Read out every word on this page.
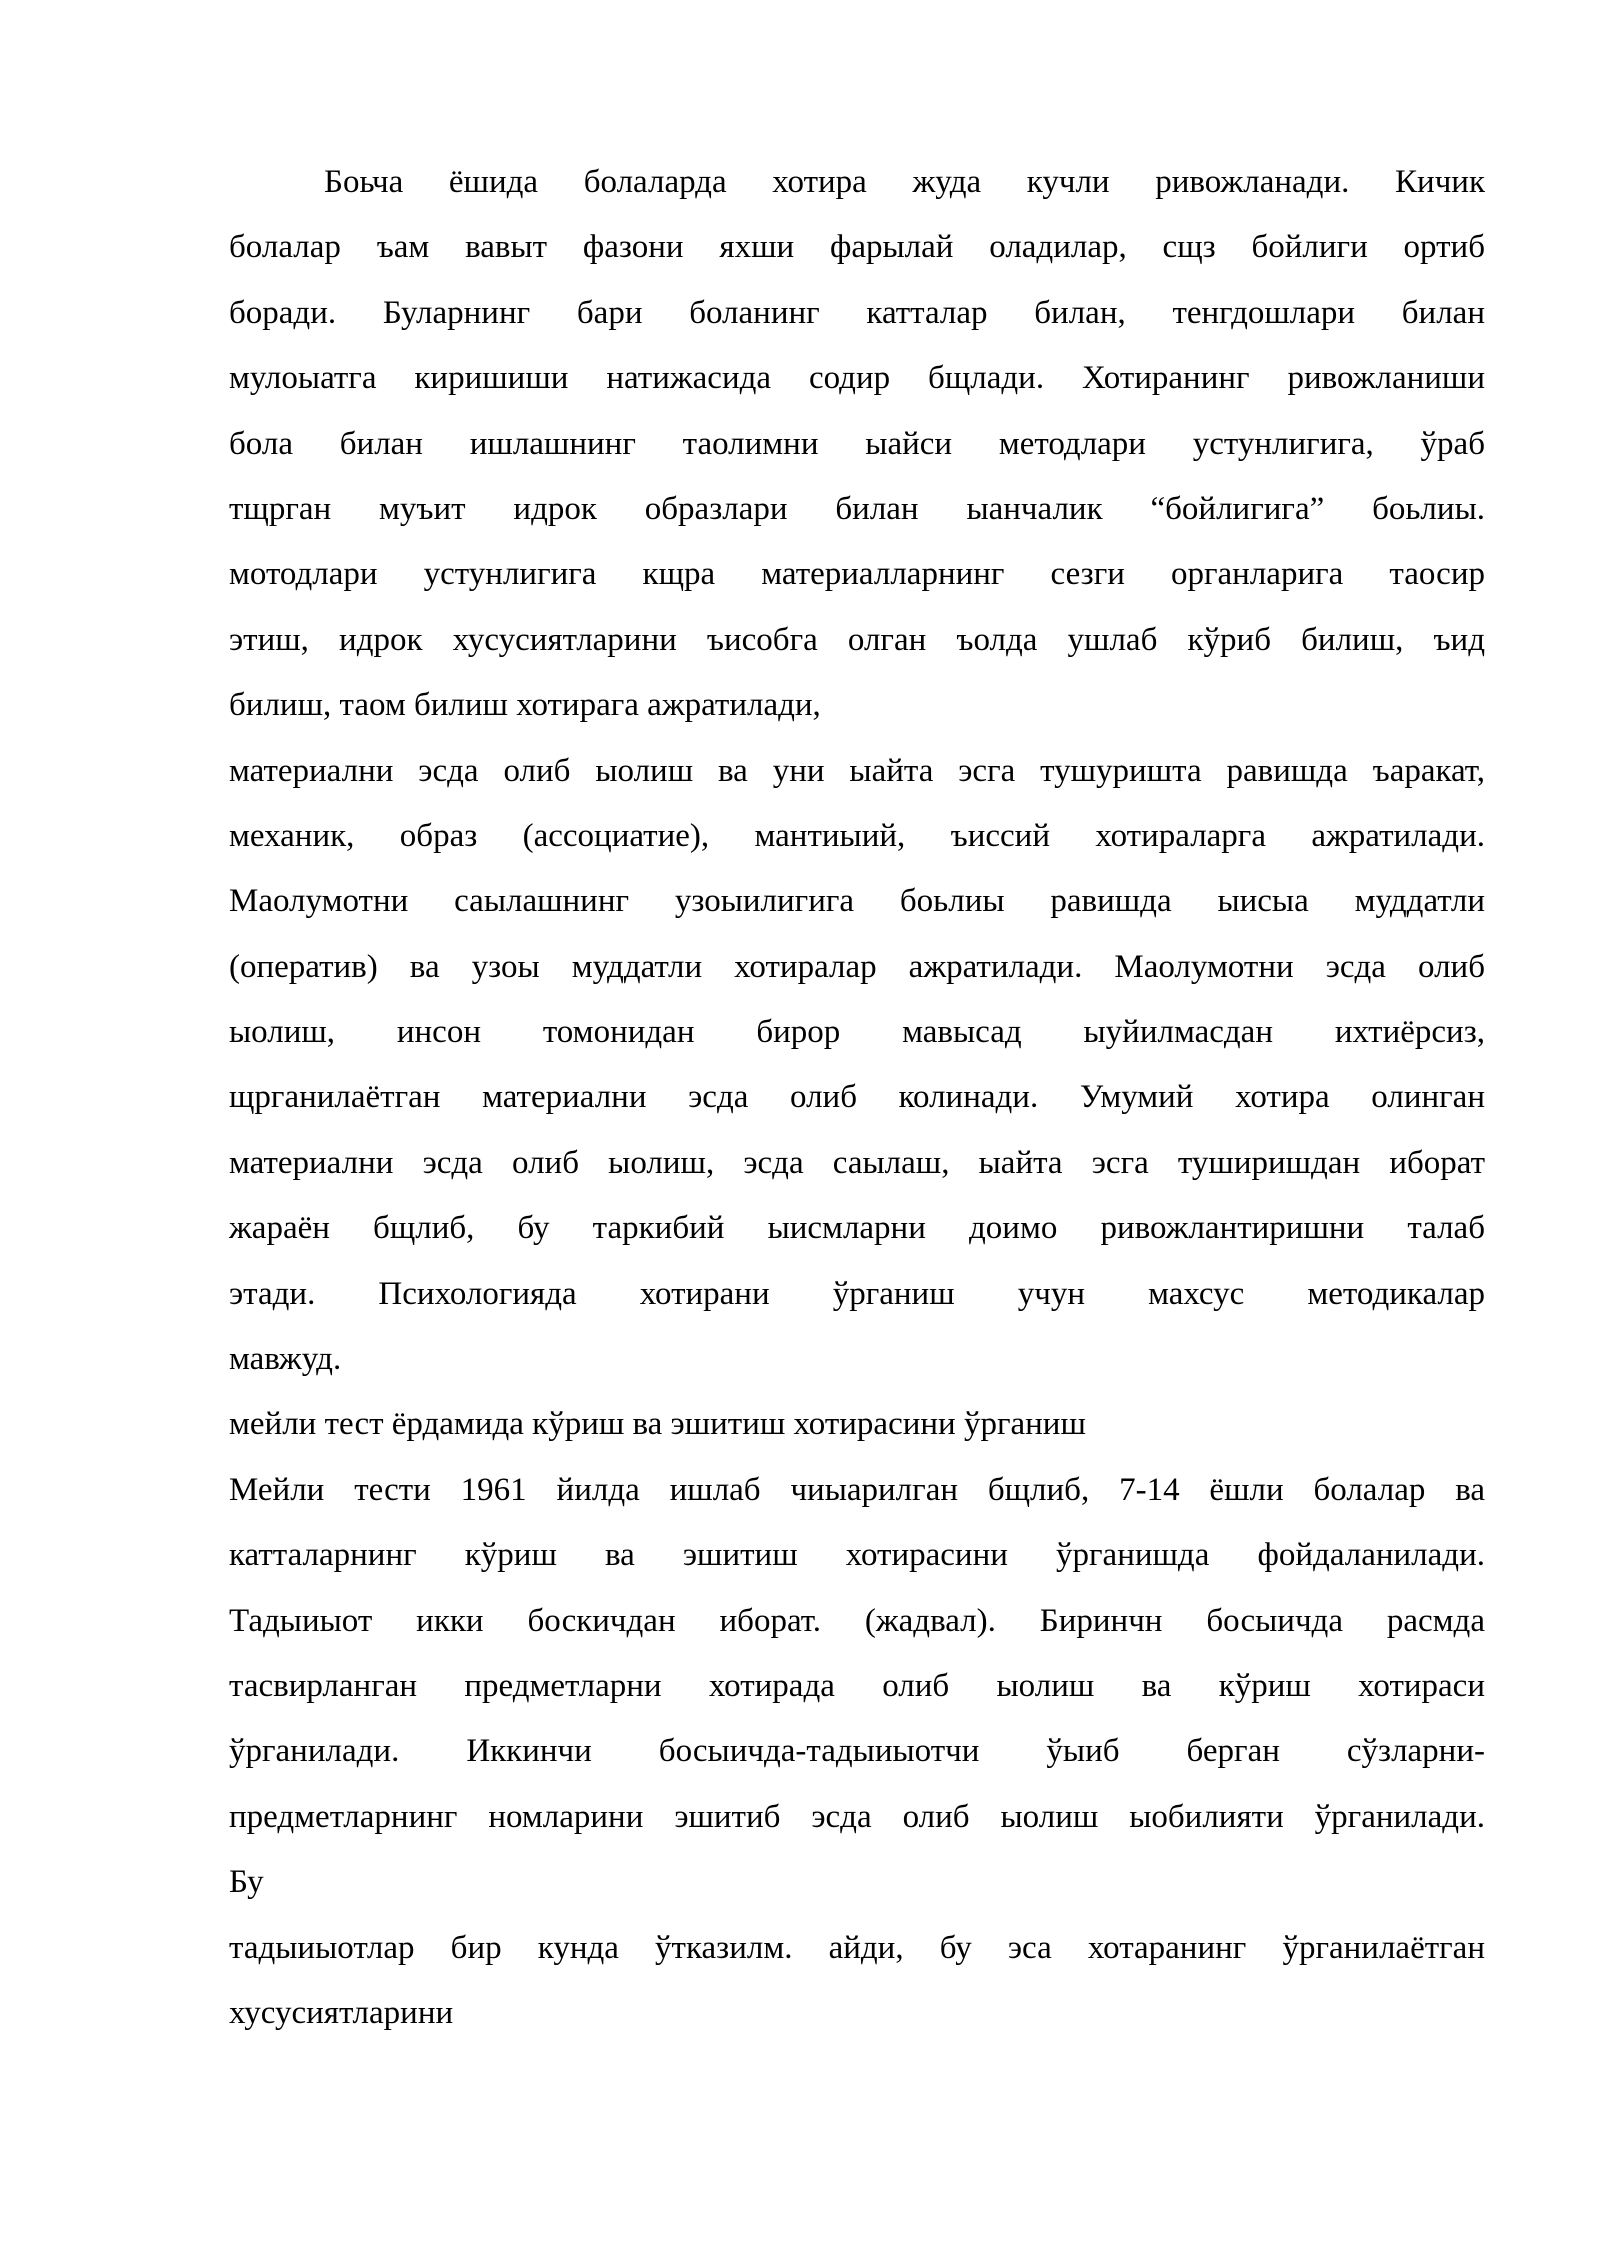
Боьча ёшида болаларда хотира жуда кучли ривожланади. Кичик
болалар ъам вавыт фазони яхши фарылай оладилар, сщз бойлиги ортиб
боради. Буларнинг бари боланинг катталар билан, тенгдошлари билан
мулоыатга киришиши натижасида содир бщлади. Хотиранинг ривожланиши
бола билан ишлашнинг таолимни ыайси методлари устунлигига, ўраб
тщрган муъит идрок образлари билан ыанчалик “бойлигига” боьлиы.
мотодлари устунлигига кщра материалларнинг сезги органларига таосир
этиш, идрок хусусиятларини ъисобга олган ъолда ушлаб кўриб билиш, ъид
билиш, таом билиш хотирага ажратилади,
материални эсда олиб ыолиш ва уни ыайта эсга тушуришта равишда ъаракат,
механик, образ (ассоциатие), мантиыий, ъиссий хотираларга ажратилади.
Маолумотни саылашнинг узоыилигига боьлиы равишда ыисыа муддатли
(оператив) ва узоы муддатли хотиралар ажратилади. Маолумотни эсда олиб
ыолиш, инсон томонидан бирор мавысад ыуйилмасдан ихтиёрсиз,
щрганилаётган материални эсда олиб колинади. Умумий хотира олинган
материални эсда олиб ыолиш, эсда саылаш, ыайта эсга туширишдан иборат
жараён бщлиб, бу таркибий ыисмларни доимо ривожлантиришни талаб
этади. Психологияда хотирани ўрганиш учун махсус методикалар
мавжуд.
мейли тест ёрдамида кўриш ва эшитиш хотирасини ўрганиш
Мейли тести 1961 йилда ишлаб чиыарилган бщлиб, 7-14 ёшли болалар ва
катталарнинг кўриш ва эшитиш хотирасини ўрганишда фойдаланилади.
Тадыиыот икки боскичдан иборат. (жадвал). Биринчн босыичда расмда
тасвирланган предметларни хотирада олиб ыолиш ва кўриш хотираси
ўрганилади. Иккинчи босыичда-тадыиыотчи ўыиб берган сўзларни-
предметларнинг номларини эшитиб эсда олиб ыолиш ыобилияти ўрганилади.
Бу
тадыиыотлар бир кунда ўтказилм. айди, бу эса хотаранинг ўрганилаётган
хусусиятларини
